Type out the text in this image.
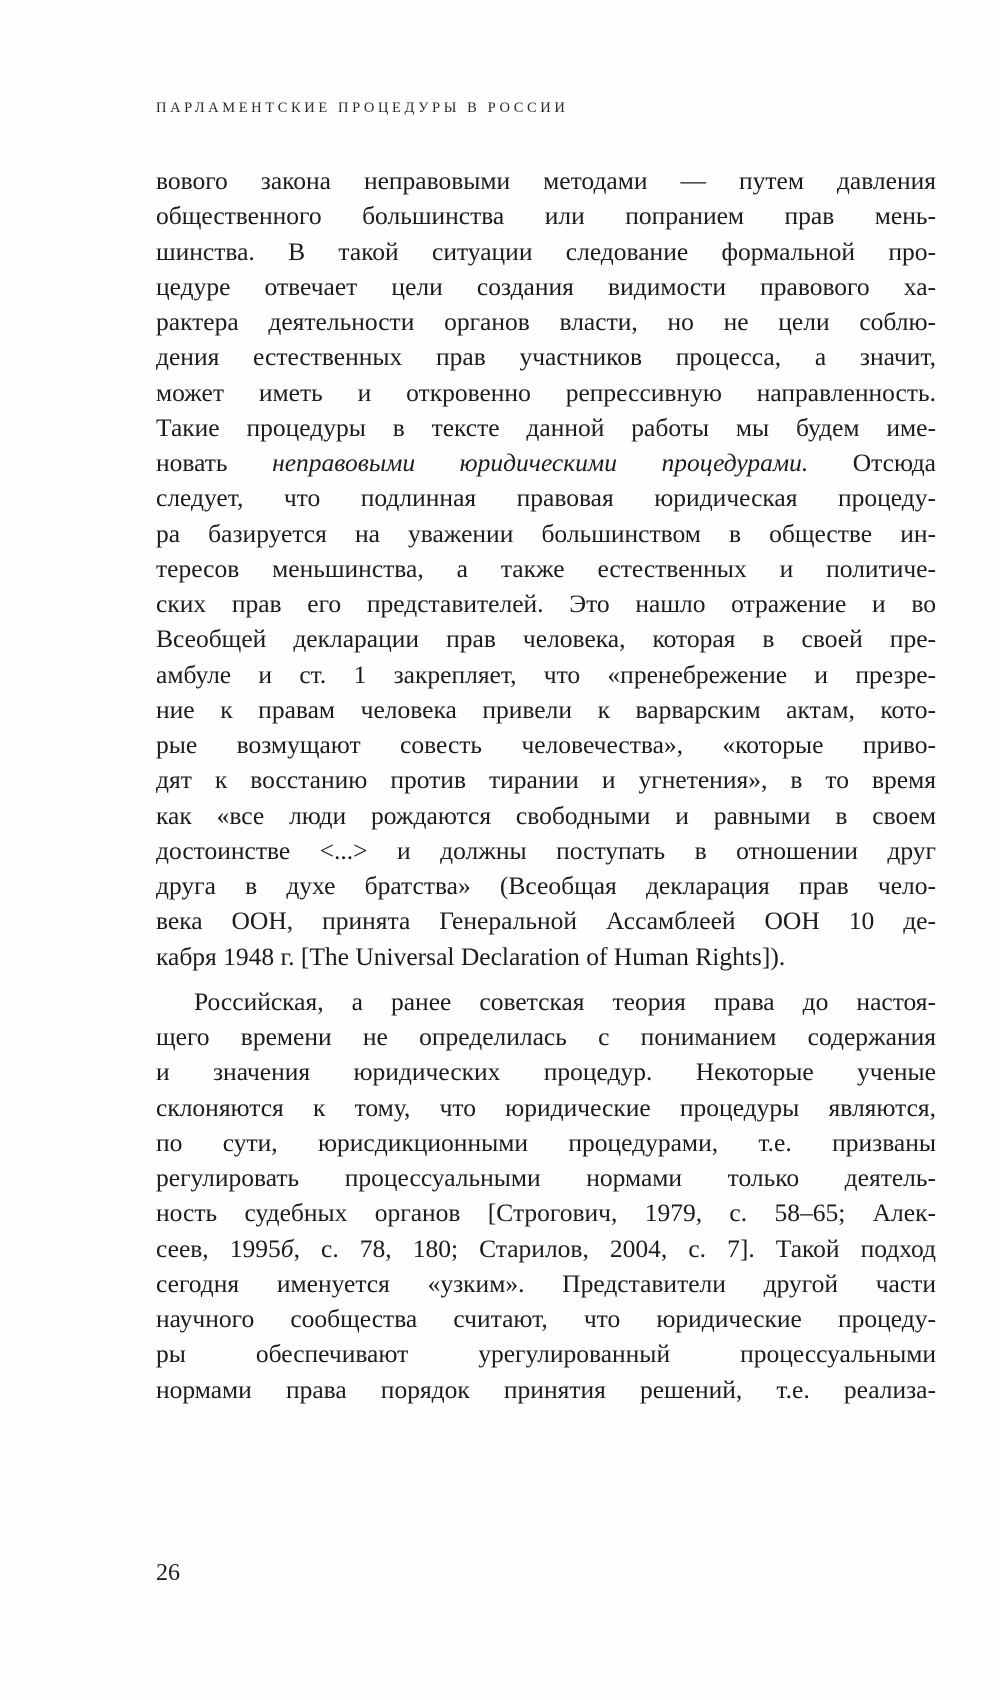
ПАРЛАМЕНТСКИЕ ПРОЦЕДУРЫ В РОССИИ
вового закона неправовыми методами — путем давления
общественного большинства или попранием прав мень-
шинства. В такой ситуации следование формальной про-
цедуре отвечает цели создания видимости правового ха-
рактера деятельности органов власти, но не цели соблю-
дения естественных прав участников процесса, а значит,
может иметь и откровенно репрессивную направленность.
Такие процедуры в тексте данной работы мы будем име-
новать неправовыми юридическими процедурами. Отсюда
следует, что подлинная правовая юридическая процеду-
ра базируется на уважении большинством в обществе ин-
тересов меньшинства, а также естественных и политиче-
ских прав его представителей. Это нашло отражение и во
Всеобщей декларации прав человека, которая в своей пре-
амбуле и ст. 1 закрепляет, что «пренебрежение и презре-
ние к правам человека привели к варварским актам, кото-
рые возмущают совесть человечества», «которые приво-
дят к восстанию против тирании и угнетения», в то время
как «все люди рождаются свободными и равными в своем
достоинстве <...> и должны поступать в отношении друг
друга в духе братства» (Всеобщая декларация прав чело-
века ООН, принята Генеральной Ассамблеей ООН 10 де-
кабря 1948 г. [The Universal Declaration of Human Rights]).
Российская, а ранее советская теория права до настоя-
щего времени не определилась с пониманием содержания
и значения юридических процедур. Некоторые ученые
склоняются к тому, что юридические процедуры являются,
по сути, юрисдикционными процедурами, т.е. призваны
регулировать процессуальными нормами только деятель-
ность судебных органов [Строгович, 1979, с. 58–65; Алек-
сеев, 1995б, с. 78, 180; Старилов, 2004, с. 7]. Такой подход
сегодня именуется «узким». Представители другой части
научного сообщества считают, что юридические процеду-
ры обеспечивают урегулированный процессуальными
нормами права порядок принятия решений, т.е. реализа-
26
